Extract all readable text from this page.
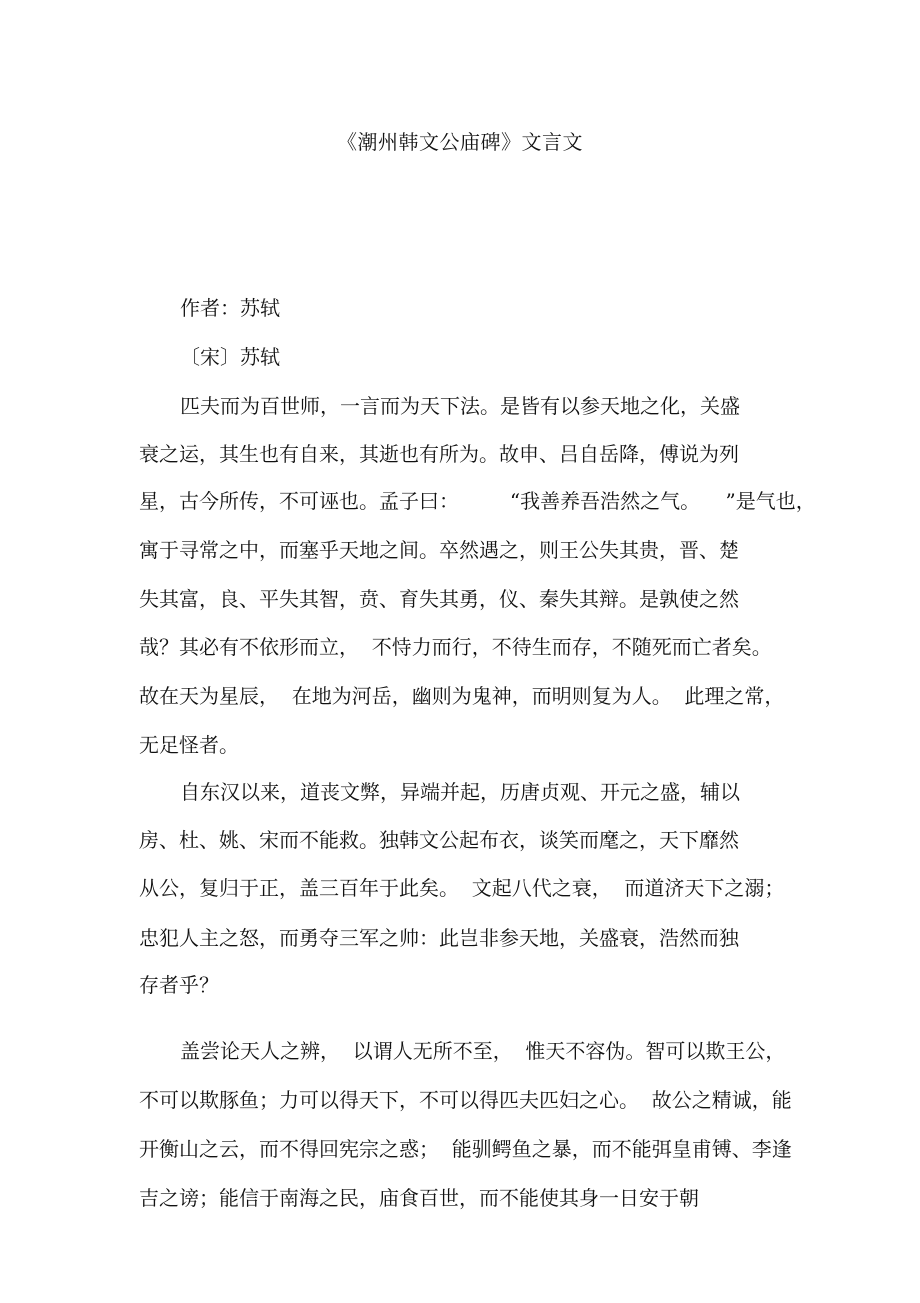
《潮州韩文公庙碑》文言文
作者：苏轼
〔宋〕苏轼
匹夫而为百世师，一言而为天下法。是皆有以参天地之化，关盛
衰之运，其生也有自来，其逝也有所为。故申、吕自岳降，傅说为列
星，古今所传，不可诬也。孟子曰：        “我善养吾浩然之气。    ”是气也，
寓于寻常之中，而塞乎天地之间。卒然遇之，则王公失其贵，晋、楚
失其富，良、平失其智，贲、育失其勇，仪、秦失其辩。是孰使之然
哉？其必有不依形而立，  不恃力而行，不待生而存，不随死而亡者矣。
故在天为星辰，  在地为河岳，幽则为鬼神，而明则复为人。  此理之常，
无足怪者。
自东汉以来，道丧文弊，异端并起，历唐贞观、开元之盛，辅以
房、杜、姚、宋而不能救。独韩文公起布衣，谈笑而麾之，天下靡然
从公，复归于正，盖三百年于此矣。  文起八代之衰，  而道济天下之溺；
忠犯人主之怒，而勇夺三军之帅：此岂非参天地，关盛衰，浩然而独
存者乎？
盖尝论天人之辨，  以谓人无所不至，  惟天不容伪。智可以欺王公，
不可以欺豚鱼；力可以得天下，不可以得匹夫匹妇之心。  故公之精诚，能
开衡山之云，而不得回宪宗之惑；  能驯鳄鱼之暴，而不能弭皇甫镈、李逢
吉之谤；能信于南海之民，庙食百世，而不能使其身一日安于朝
